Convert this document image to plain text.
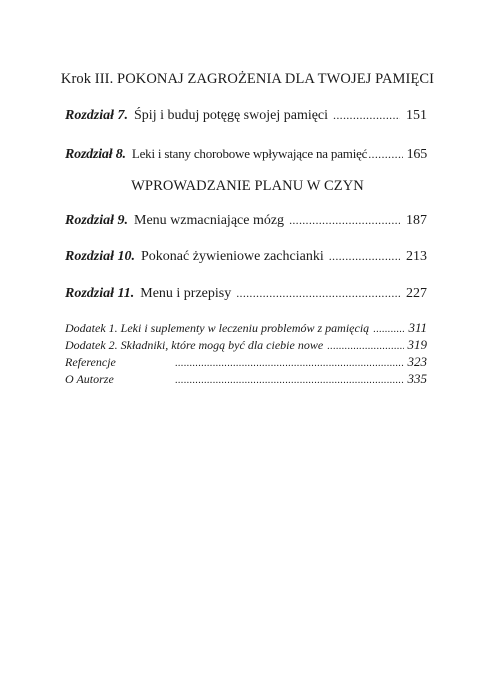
Krok III. POKONAJ ZAGROŻENIA DLA TWOJEJ PAMIĘCI
Rozdział 7. Śpij i buduj potęgę swojej pamięci .....	151
Rozdział 8. Leki i stany chorobowe wpływające na pamięć .....	165
WPROWADZANIE PLANU W CZYN
Rozdział 9. Menu wzmacniające mózg .....	187
Rozdział 10. Pokonać żywieniowe zachcianki .....	213
Rozdział 11. Menu i przepisy .....	227
Dodatek 1. Leki i suplementy w leczeniu problemów z pamięcią .....	311
Dodatek 2. Składniki, które mogą być dla ciebie nowe .....	319
Referencje .....	323
O Autorze .....	335
